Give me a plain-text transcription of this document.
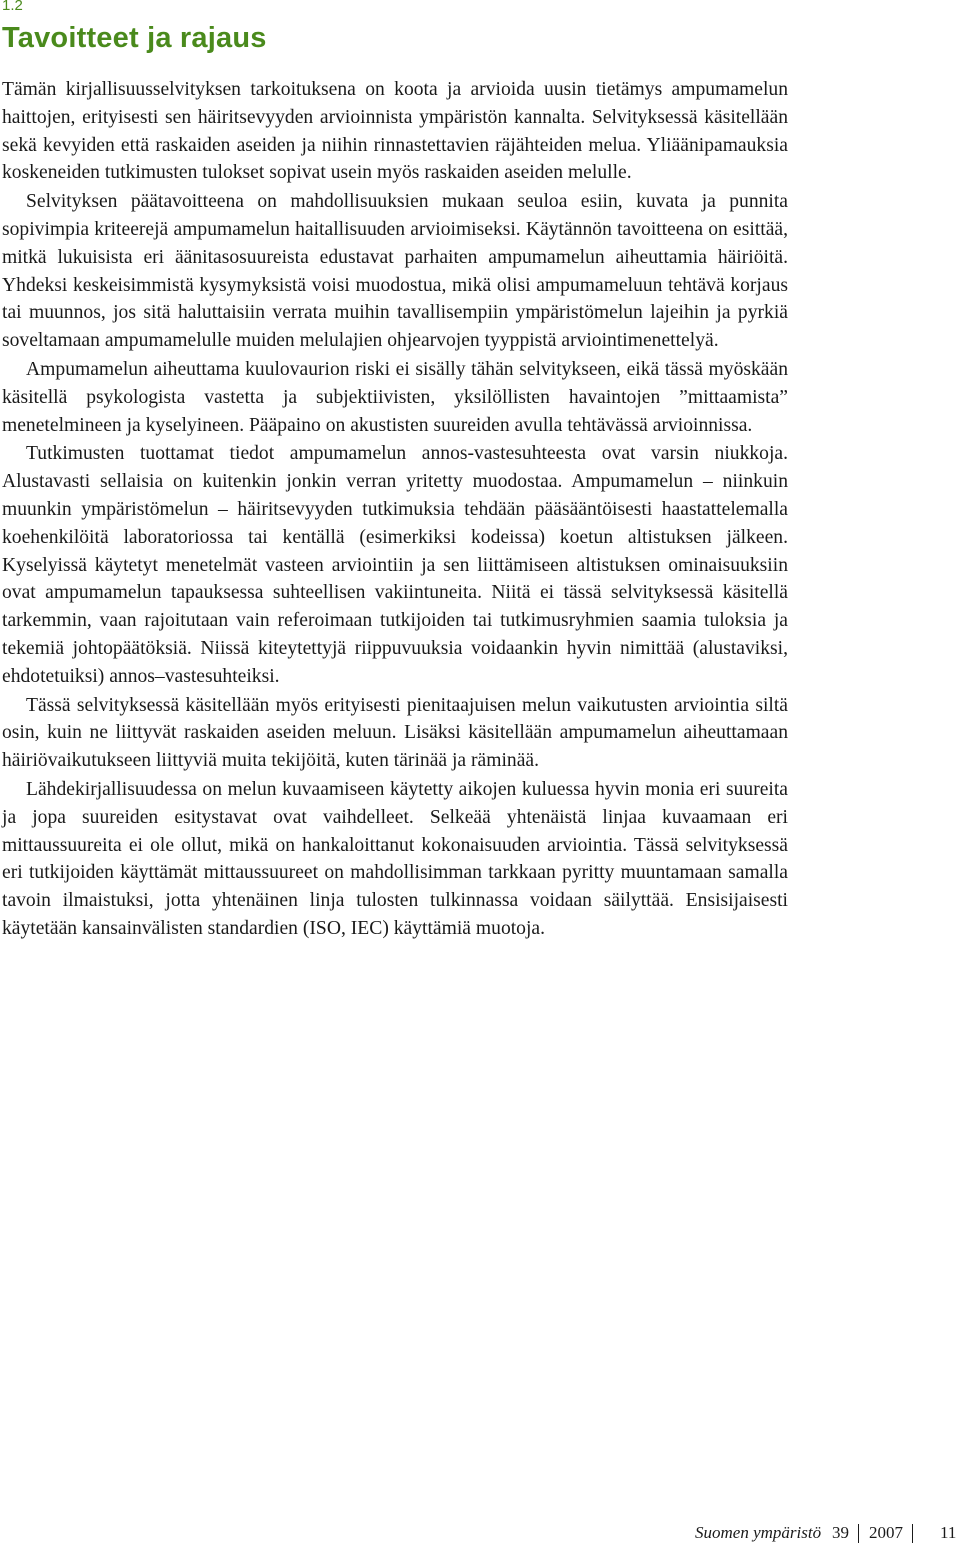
1.2
Tavoitteet ja rajaus

Tämän kirjallisuusselvityksen tarkoituksena on koota ja arvioida uusin tietämys ampumamelun haittojen, erityisesti sen häiritsevyyden arvioinnista ympäristön kannalta. Selvityksessä käsitellään sekä kevyiden että raskaiden aseiden ja niihin rinnastettavien räjähteiden melua. Yliäänipamauksia koskeneiden tutkimusten tulokset sopivat usein myös raskaiden aseiden melulle.

Selvityksen päätavoitteena on mahdollisuuksien mukaan seuloa esiin, kuvata ja punnita sopivimpia kriteerejä ampumamelun haitallisuuden arvioimiseksi. Käytännön tavoitteena on esittää, mitkä lukuisista eri äänitasosuureista edustavat parhaiten ampumamelun aiheuttamia häiriöitä. Yhdeksi keskeisimmistä kysymyksistä voisi muodostua, mikä olisi ampumameluun tehtävä korjaus tai muunnos, jos sitä haluttaisiin verrata muihin tavallisempiin ympäristömelun lajeihin ja pyrkiä soveltamaan ampumamelulle muiden melulajien ohjearvojen tyyppistä arviointimenettelyä.

Ampumamelun aiheuttama kuulovaurion riski ei sisälly tähän selvitykseen, eikä tässä myöskään käsitellä psykologista vastetta ja subjektiivisten, yksilöllisten havaintojen ”mittaamista” menetelmineen ja kyselyineen. Pääpaino on akustisten suureiden avulla tehtävässä arvioinnissa.

Tutkimusten tuottamat tiedot ampumamelun annos-vastesuhteesta ovat varsin niukkoja. Alustavasti sellaisia on kuitenkin jonkin verran yritetty muodostaa. Ampumamelun – niinkuin muunkin ympäristömelun – häiritsevyyden tutkimuksia tehdään pääsääntöisesti haastattelemalla koehenkilöitä laboratoriossa tai kentällä (esimerkiksi kodeissa) koetun altistuksen jälkeen. Kyselyissä käytetyt menetelmät vasteen arviointiin ja sen liittämiseen altistuksen ominaisuuksiin ovat ampumamelun tapauksessa suhteellisen vakiintuneita. Niitä ei tässä selvityksessä käsitellä tarkemmin, vaan rajoitutaan vain referoimaan tutkijoiden tai tutkimusryhmien saamia tuloksia ja tekemiä johtopäätöksiä. Niissä kiteytettyjä riippuvuuksia voidaankin hyvin nimittää (alustaviksi, ehdotetuiksi) annos–vastesuhteiksi.

Tässä selvityksessä käsitellään myös erityisesti pienitaajuisen melun vaikutusten arviointia siltä osin, kuin ne liittyvät raskaiden aseiden meluun. Lisäksi käsitellään ampumamelun aiheuttamaan häiriövaikutukseen liittyviä muita tekijöitä, kuten tärinää ja räminää.

Lähdekirjallisuudessa on melun kuvaamiseen käytetty aikojen kuluessa hyvin monia eri suureita ja jopa suureiden esitystavat ovat vaihdelleet. Selkeää yhtenäistä linjaa kuvaamaan eri mittaussuureita ei ole ollut, mikä on hankaloittanut kokonaisuuden arviointia. Tässä selvityksessä eri tutkijoiden käyttämät mittaussuureet on mahdollisimman tarkkaan pyritty muuntamaan samalla tavoin ilmaistuksi, jotta yhtenäinen linja tulosten tulkinnassa voidaan säilyttää. Ensisijaisesti käytetään kansainvälisten standardien (ISO, IEC) käyttämiä muotoja.

Suomen ympäristö 39 2007 11
